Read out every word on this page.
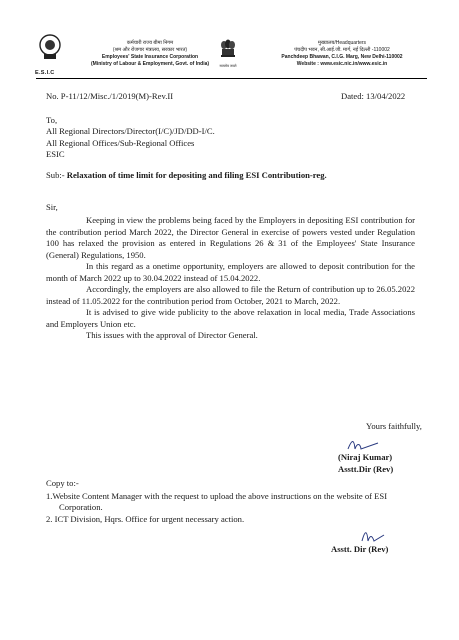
E.S.I.C
कर्मचारी राज्य बीमा निगम
(श्रम और रोजगार मंत्रालय, सरकार भारत)
Employees' State Insurance Corporation
(Ministry of Labour & Employment, Govt. of India)	सत्यमेव जयते
मुख्यालय/Headquarters
पंचदीप भवन, सी.आई.जी. मार्ग, नई दिल्ली -110002
Panchdeep Bhawan, C.I.G. Marg, New Delhi-110002
Website : www.esic.nic.in/www.esic.in
No. P-11/12/Misc./1/2019(M)-Rev.II	Dated: 13/04/2022
To,
All Regional Directors/Director(I/C)/JD/DD-I/C.
All Regional Offices/Sub-Regional Offices
ESIC
Sub:- Relaxation of time limit for depositing and filing ESI Contribution-reg.
Sir,

Keeping in view the problems being faced by the Employers in depositing ESI contribution for the contribution period March 2022, the Director General in exercise of powers vested under Regulation 100 has relaxed the provision as entered in Regulations 26 & 31 of the Employees' State Insurance (General) Regulations, 1950.

In this regard as a onetime opportunity, employers are allowed to deposit contribution for the month of March 2022 up to 30.04.2022 instead of 15.04.2022.

Accordingly, the employers are also allowed to file the Return of contribution up to 26.05.2022 instead of 11.05.2022 for the contribution period from October, 2021 to March, 2022.

It is advised to give wide publicity to the above relaxation in local media, Trade Associations and Employers Union etc.

This issues with the approval of Director General.

Yours faithfully,
(Niraj Kumar)
Asstt.Dir (Rev)
Copy to:-
1.Website Content Manager with the request to upload the above instructions on the website of ESI Corporation.
2. ICT Division, Hqrs. Office for urgent necessary action.
Asstt. Dir (Rev)
